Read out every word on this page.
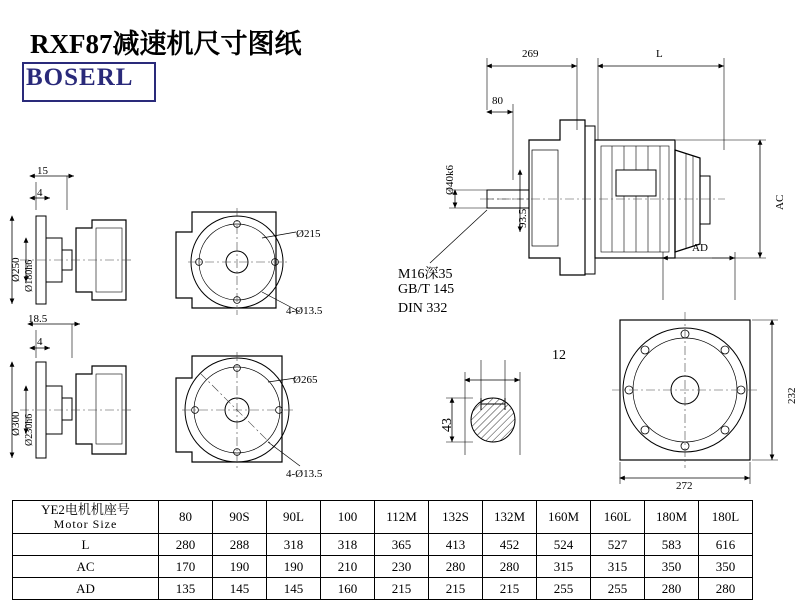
RXF87减速机尺寸图纸
BOSERL
269	L
80
Ø40k6
93.5
AC
AD
232
272
12
43
15
4
Ø250 Ø180h6
Ø215
4-Ø13.5
18.5
4
Ø300 Ø230h6
Ø265
4-Ø13.5
M16深35
GB/T 145
DIN 332
YE2电机机座号
Motor Size	80	90S	90L	100	112M	132S	132M	160M	160L	180M	180L
L	280	288	318	318	365	413	452	524	527	583	616
AC	170	190	190	210	230	280	280	315	315	350	350
AD	135	145	145	160	215	215	215	255	255	280	280
